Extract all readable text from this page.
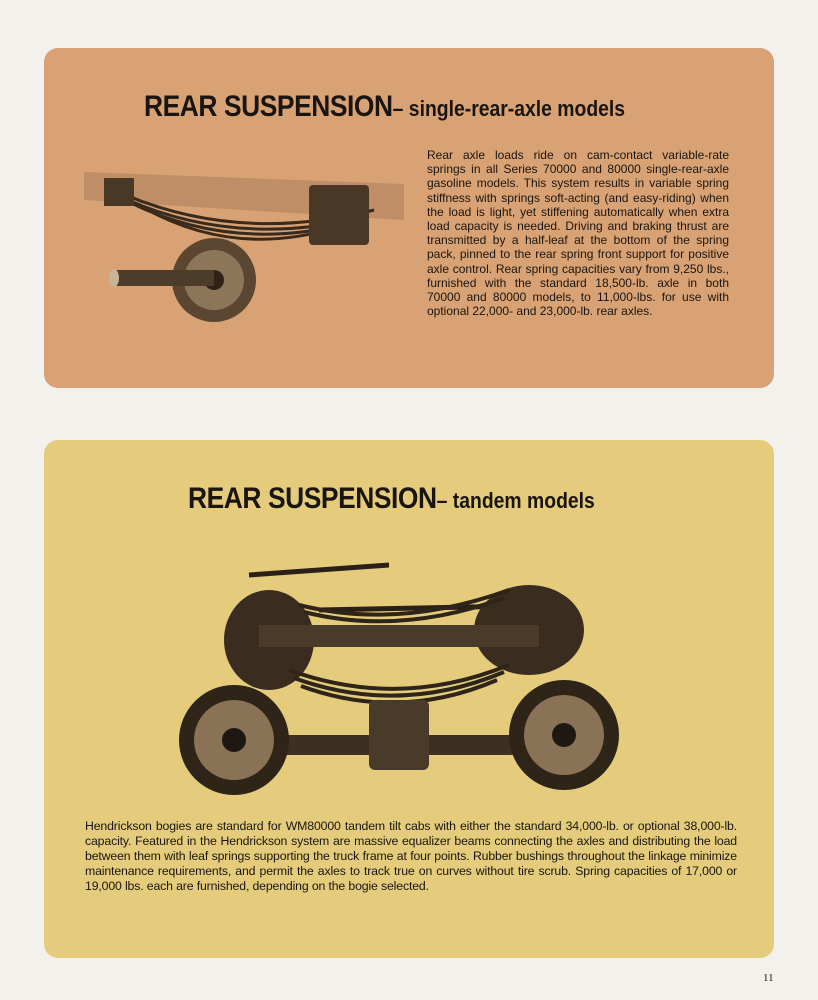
REAR SUSPENSION– single-rear-axle models
Rear axle loads ride on cam-contact variable-rate springs in all Series 70000 and 80000 single-rear-axle gasoline models. This system results in variable spring stiffness with springs soft-acting (and easy-riding) when the load is light, yet stiffening automatically when extra load capacity is needed. Driving and braking thrust are transmitted by a half-leaf at the bottom of the spring pack, pinned to the rear spring front support for positive axle control. Rear spring capacities vary from 9,250 lbs., furnished with the standard 18,500-lb. axle in both 70000 and 80000 models, to 11,000-lbs. for use with optional 22,000- and 23,000-lb. rear axles.
REAR SUSPENSION– tandem models
Hendrickson bogies are standard for WM80000 tandem tilt cabs with either the standard 34,000-lb. or optional 38,000-lb. capacity. Featured in the Hendrickson system are massive equalizer beams connecting the axles and distributing the load between them with leaf springs supporting the truck frame at four points. Rubber bushings throughout the linkage minimize maintenance requirements, and permit the axles to track true on curves without tire scrub. Spring capacities of 17,000 or 19,000 lbs. each are furnished, depending on the bogie selected.
11
